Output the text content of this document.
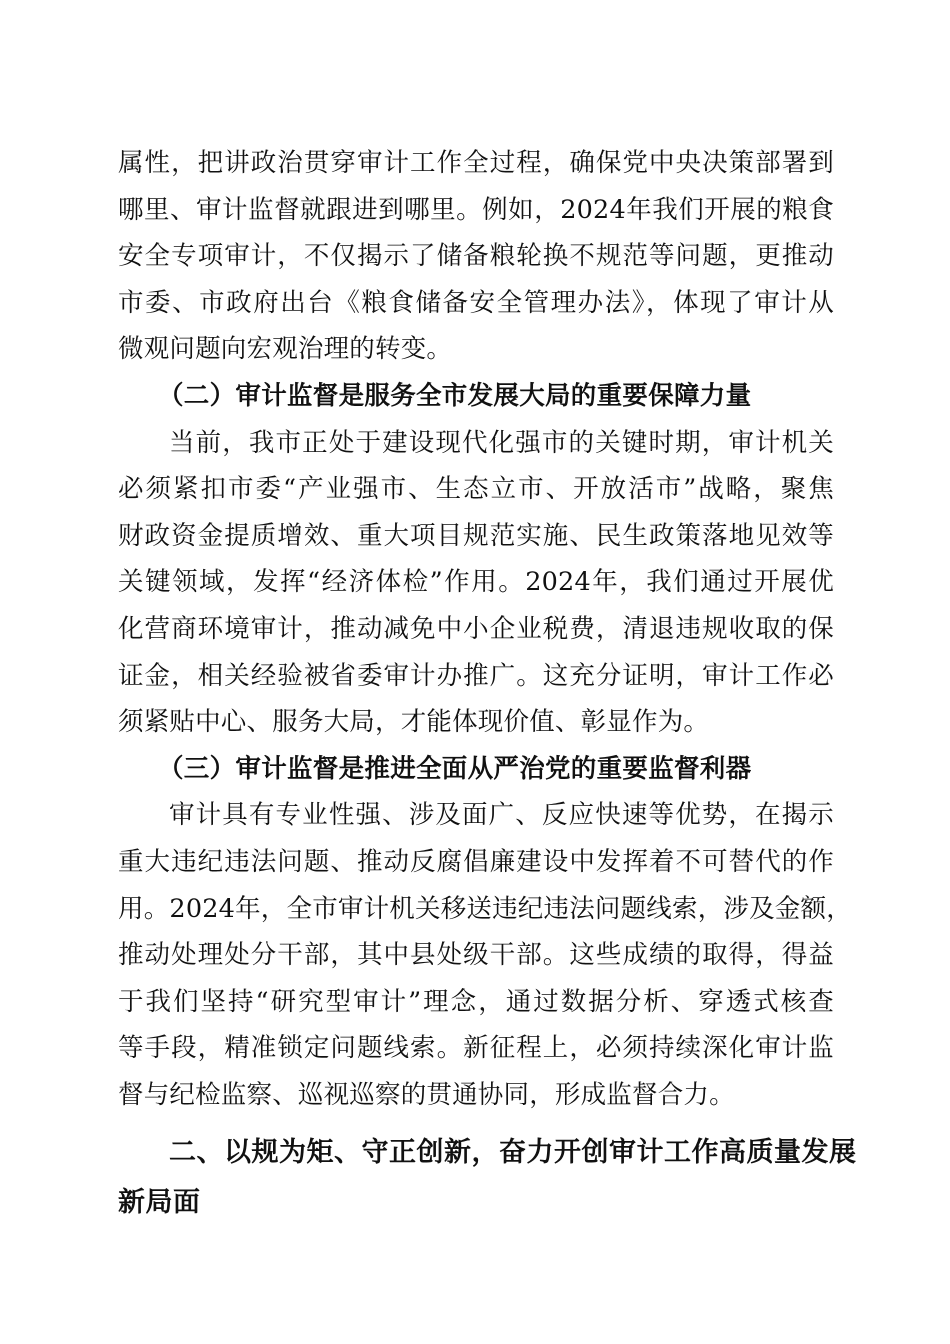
属性，把讲政治贯穿审计工作全过程，确保党中央决策部署到
哪里、审计监督就跟进到哪里。例如，2024年我们开展的粮食
安全专项审计，不仅揭示了储备粮轮换不规范等问题，更推动
市委、市政府出台《粮食储备安全管理办法》，体现了审计从
微观问题向宏观治理的转变。
（二）审计监督是服务全市发展大局的重要保障力量
当前，我市正处于建设现代化强市的关键时期，审计机关
必须紧扣市委“产业强市、生态立市、开放活市”战略，聚焦
财政资金提质增效、重大项目规范实施、民生政策落地见效等
关键领域，发挥“经济体检”作用。2024年，我们通过开展优
化营商环境审计，推动减免中小企业税费，清退违规收取的保
证金，相关经验被省委审计办推广。这充分证明，审计工作必
须紧贴中心、服务大局，才能体现价值、彰显作为。
（三）审计监督是推进全面从严治党的重要监督利器
审计具有专业性强、涉及面广、反应快速等优势，在揭示
重大违纪违法问题、推动反腐倡廉建设中发挥着不可替代的作
用。2024年，全市审计机关移送违纪违法问题线索，涉及金额，
推动处理处分干部，其中县处级干部。这些成绩的取得，得益
于我们坚持“研究型审计”理念，通过数据分析、穿透式核查
等手段，精准锁定问题线索。新征程上，必须持续深化审计监
督与纪检监察、巡视巡察的贯通协同，形成监督合力。
二、以规为矩、守正创新，奋力开创审计工作高质量发展
新局面
